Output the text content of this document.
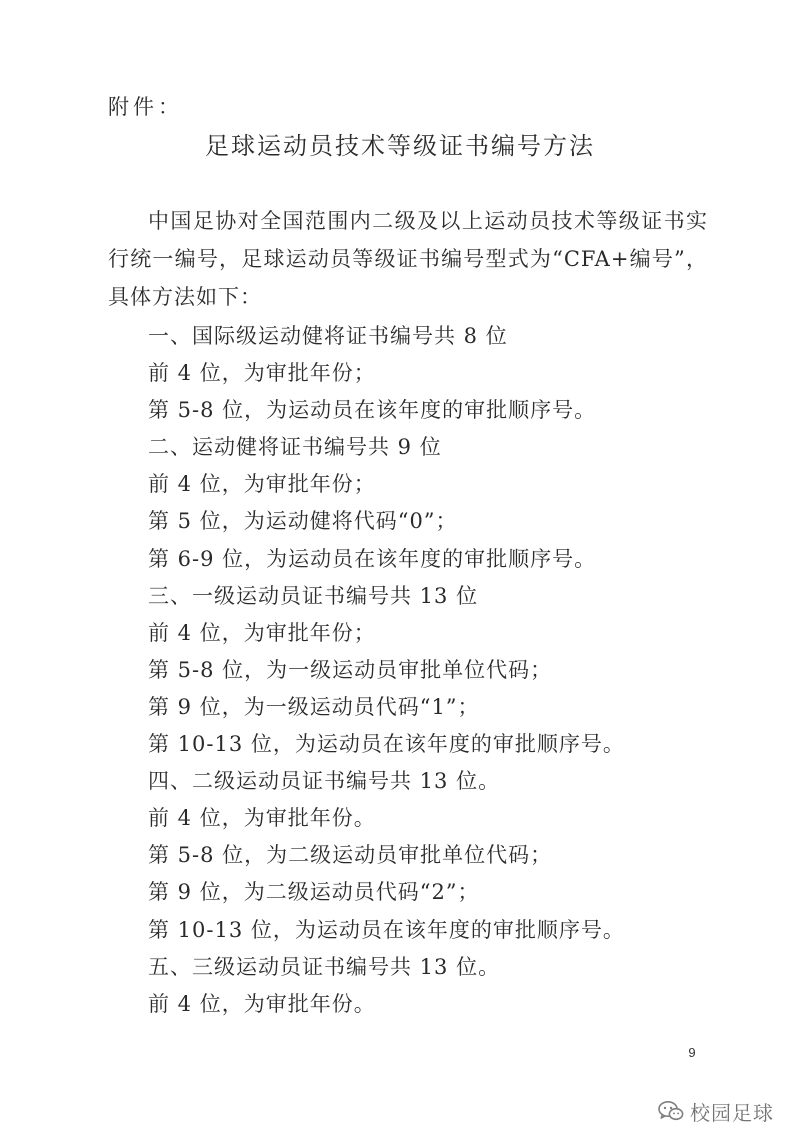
附件：
足球运动员技术等级证书编号方法
中国足协对全国范围内二级及以上运动员技术等级证书实行统一编号，足球运动员等级证书编号型式为“CFA+编号”，具体方法如下：
一、国际级运动健将证书编号共 8 位
前 4 位，为审批年份；
第 5-8 位，为运动员在该年度的审批顺序号。
二、运动健将证书编号共 9 位
前 4 位，为审批年份；
第 5 位，为运动健将代码“0”；
第 6-9 位，为运动员在该年度的审批顺序号。
三、一级运动员证书编号共 13 位
前 4 位，为审批年份；
第 5-8 位，为一级运动员审批单位代码；
第 9 位，为一级运动员代码“1”；
第 10-13 位，为运动员在该年度的审批顺序号。
四、二级运动员证书编号共 13 位。
前 4 位，为审批年份。
第 5-8 位，为二级运动员审批单位代码；
第 9 位，为二级运动员代码“2”；
第 10-13 位，为运动员在该年度的审批顺序号。
五、三级运动员证书编号共 13 位。
前 4 位，为审批年份。
9
校园足球
